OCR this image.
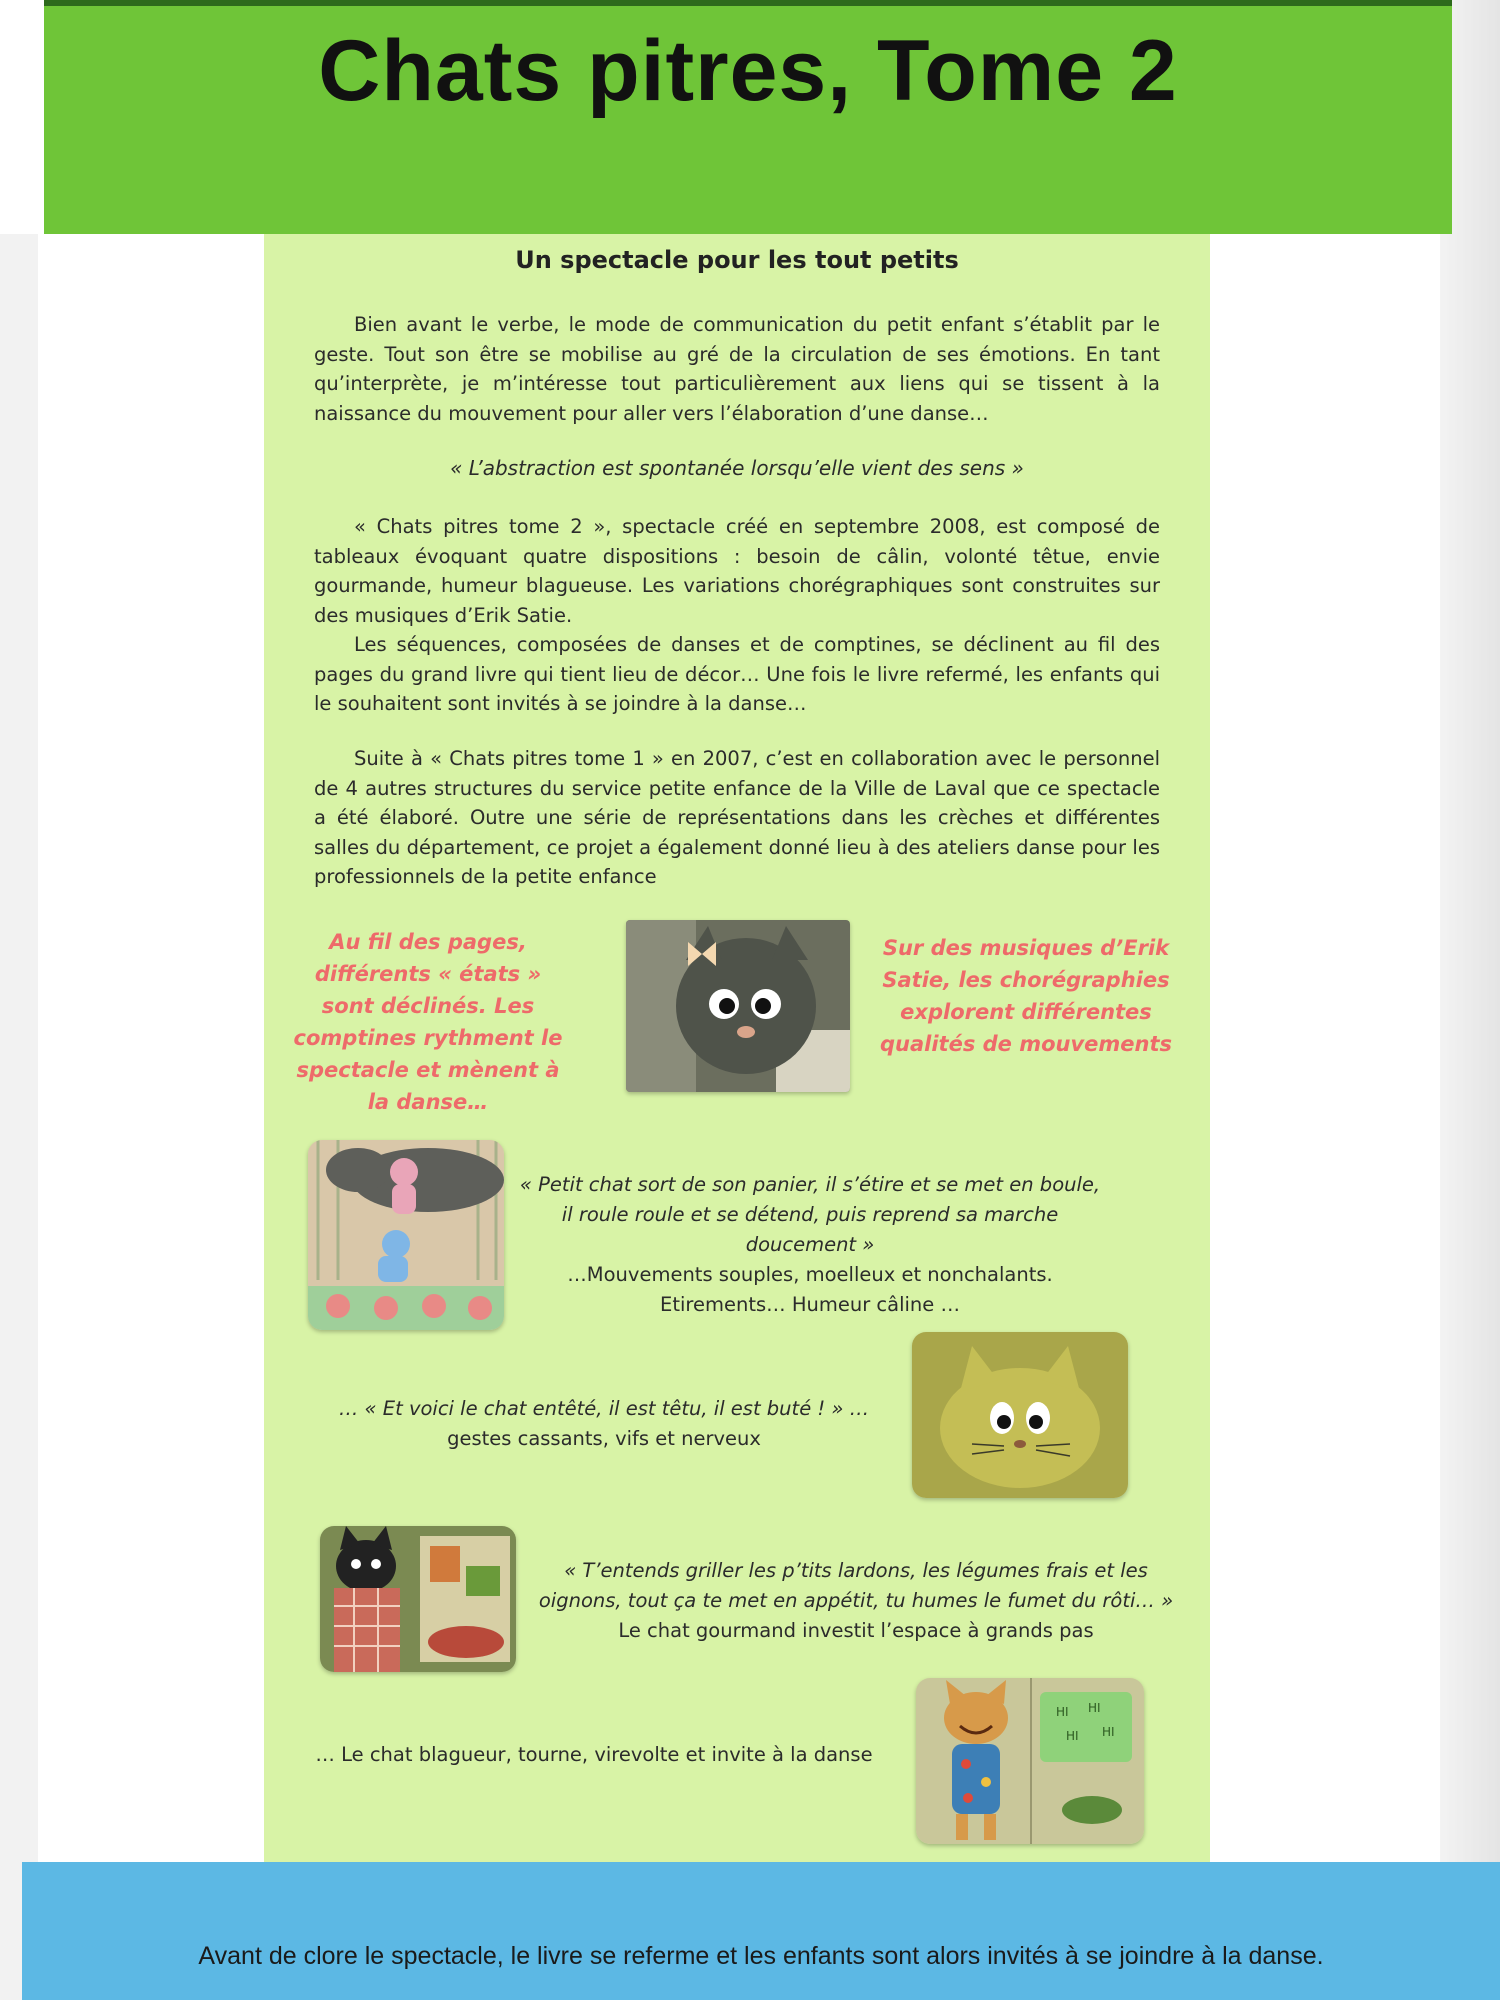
Chats pitres, Tome 2
Un spectacle pour les tout petits

Bien avant le verbe, le mode de communication du petit enfant s’établit par le geste. Tout son être se mobilise au gré de la circulation de ses émotions. En tant qu’interprète, je m’intéresse tout particulièrement aux liens qui se tissent à la naissance du mouvement pour aller vers l’élaboration d’une danse…

« L’abstraction est spontanée lorsqu’elle vient des sens »

« Chats pitres tome 2 », spectacle créé en septembre 2008, est composé de tableaux évoquant quatre dispositions : besoin de câlin, volonté têtue, envie gourmande, humeur blagueuse. Les variations chorégraphiques sont construites sur des musiques d’Erik Satie.

Les séquences, composées de danses et de comptines, se déclinent au fil des pages du grand livre qui tient lieu de décor… Une fois le livre refermé, les enfants qui le souhaitent sont invités à se joindre à la danse…

Suite à « Chats pitres tome 1 » en 2007, c’est en collaboration avec le personnel de 4 autres structures du service petite enfance de la Ville de Laval que ce spectacle a été élaboré. Outre une série de représentations dans les crèches et différentes salles du département, ce projet a également donné lieu à des ateliers danse pour les professionnels de la petite enfance

Au fil des pages, différents « états » sont déclinés. Les comptines rythment le spectacle et mènent à la danse…

Sur des musiques d’Erik Satie, les chorégraphies explorent différentes qualités de mouvements

« Petit chat sort de son panier, il s’étire et se met en boule, il roule roule et se détend, puis reprend sa marche doucement »
…Mouvements souples, moelleux et nonchalants. Etirements… Humeur câline …

… « Et voici le chat entêté, il est têtu, il est buté ! » …
gestes cassants, vifs et nerveux

« T’entends griller les p’tits lardons, les légumes frais et les oignons, tout ça te met en appétit, tu humes le fumet du rôti… »
Le chat gourmand investit l’espace à grands pas

HI HI
HI HI

… Le chat blagueur, tourne, virevolte et invite à la danse

Avant de clore le spectacle, le livre se referme et les enfants sont alors invités à se joindre à la danse.
